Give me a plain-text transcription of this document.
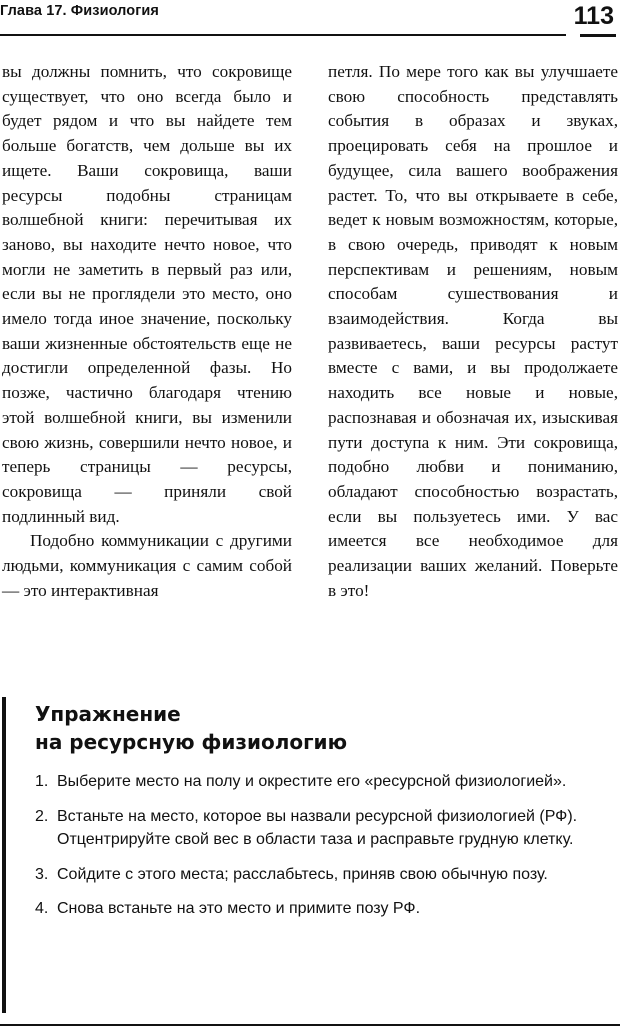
Глава 17. Физиология	113

вы должны помнить, что сокровище существует, что оно всегда было и будет рядом и что вы найдете тем больше богатств, чем дольше вы их ищете. Ваши сокровища, ваши ресурсы подобны страницам волшебной книги: перечитывая их заново, вы находите нечто новое, что могли не заметить в первый раз или, если вы не проглядели это место, оно имело тогда иное значение, поскольку ваши жизненные обстоятельств еще не достигли определенной фазы. Но позже, частично благодаря чтению этой волшебной книги, вы изменили свою жизнь, совершили нечто новое, и теперь страницы — ресурсы, сокровища — приняли свой подлинный вид.

Подобно коммуникации с другими людьми, коммуникация с самим собой — это интерактивная

петля. По мере того как вы улучшаете свою способность представлять события в образах и звуках, проецировать себя на прошлое и будущее, сила вашего воображения растет. То, что вы открываете в себе, ведет к новым возможностям, которые, в свою очередь, приводят к новым перспективам и решениям, новым способам сушествования и взаимодействия. Когда вы развиваетесь, ваши ресурсы растут вместе с вами, и вы продолжаете находить все новые и новые, распознавая и обозначая их, изыскивая пути доступа к ним. Эти сокровища, подобно любви и пониманию, обладают способностью возрастать, если вы пользуетесь ими. У вас имеется все необходимое для реализации ваших желаний. Поверьте в это!

Упражнение
на ресурсную физиологию
1. Выберите место на полу и окрестите его «ресурсной физиологией».
2. Встаньте на место, которое вы назвали ресурсной физиологией (РФ). Отцентрируйте свой вес в области таза и расправьте грудную клетку.
3. Сойдите с этого места; расслабьтесь, приняв свою обычную позу.
4. Снова встаньте на это место и примите позу РФ.
